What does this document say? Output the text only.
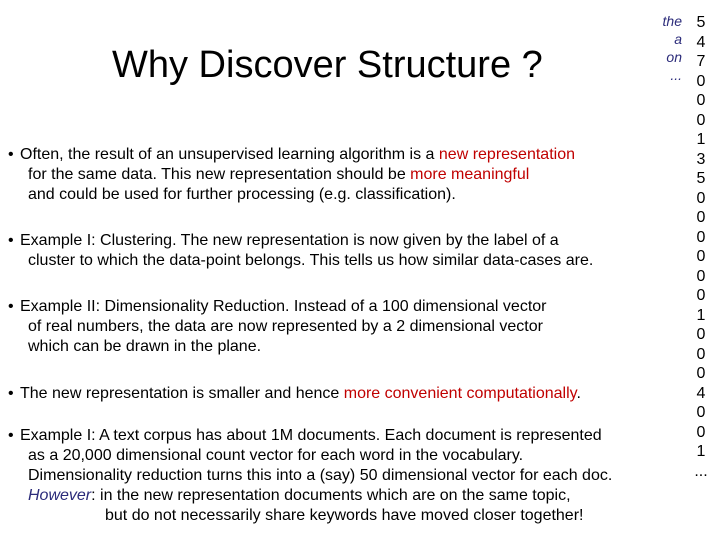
Why Discover Structure ?
the
a
on
...
5
4
7
0
0
0
1
3
5
0
0
0
0
0
0
1
0
0
0
4
0
0
1
...
• Often, the result of an unsupervised learning algorithm is a new representation
for the same data. This new representation should be more meaningful
and could be used for further processing (e.g. classification).
• Example I: Clustering. The new representation is now given by the label of a
cluster to which the data-point belongs. This tells us how similar data-cases are.
• Example II: Dimensionality Reduction. Instead of a 100 dimensional vector
of real numbers, the data are now represented by a 2 dimensional vector
which can be drawn in the plane.
• The new representation is smaller and hence more convenient computationally.
• Example I: A text corpus has about 1M documents. Each document is represented
as a 20,000 dimensional count vector for each word in the vocabulary.
Dimensionality reduction turns this into a (say) 50 dimensional vector for each doc.
However: in the new representation documents which are on the same topic,
but do not necessarily share keywords have moved closer together!
